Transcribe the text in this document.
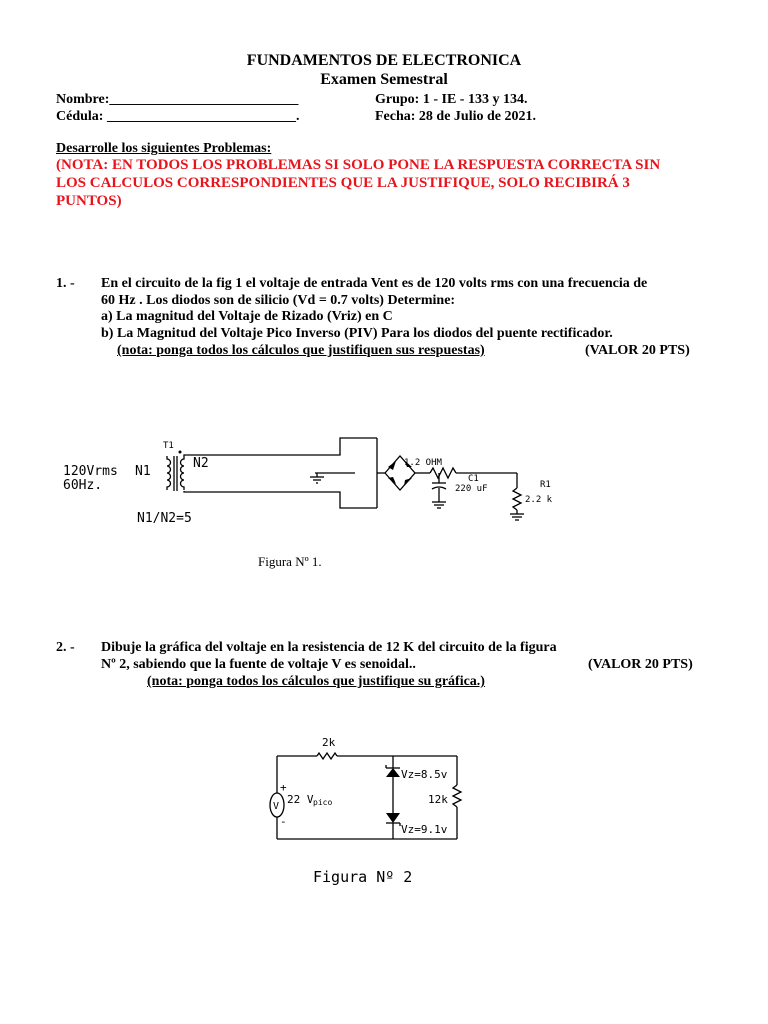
FUNDAMENTOS DE ELECTRONICA
Examen Semestral
Nombre:___________________________	Grupo: 1 - IE - 133 y 134.
Cédula: ___________________________.	Fecha: 28 de Julio de 2021.
Desarrolle los siguientes Problemas:
(NOTA: EN TODOS LOS PROBLEMAS SI SOLO PONE LA RESPUESTA CORRECTA SIN
LOS CALCULOS CORRESPONDIENTES QUE LA JUSTIFIQUE, SOLO RECIBIRÁ 3
PUNTOS)
1. - En el circuito de la fig 1 el voltaje de entrada Vent es de 120 volts rms con una frecuencia de
60 Hz . Los diodos son de silicio (Vd = 0.7 volts) Determine:
a) La magnitud del Voltaje de Rizado (Vriz) en C
b) La Magnitud del Voltaje Pico Inverso (PIV) Para los diodos del puente rectificador.
(nota: ponga todos los cálculos que justifiquen sus respuestas)	(VALOR 20 PTS)
T1
120Vrms
60Hz.
N1
N2
N1/N2=5
1.2 OHM
C1
220 uF	R1
2.2 k
Figura Nº 1.
2. - Dibuje la gráfica del voltaje en la resistencia de 12 K del circuito de la figura
Nº 2, sabiendo que la fuente de voltaje V es senoidal..	(VALOR 20 PTS)
(nota: ponga todos los cálculos que justifique su gráfica.)
2k
V
+
-
22 V pico
Vz=8.5v
Vz=9.1v
12k
Figura Nº 2
